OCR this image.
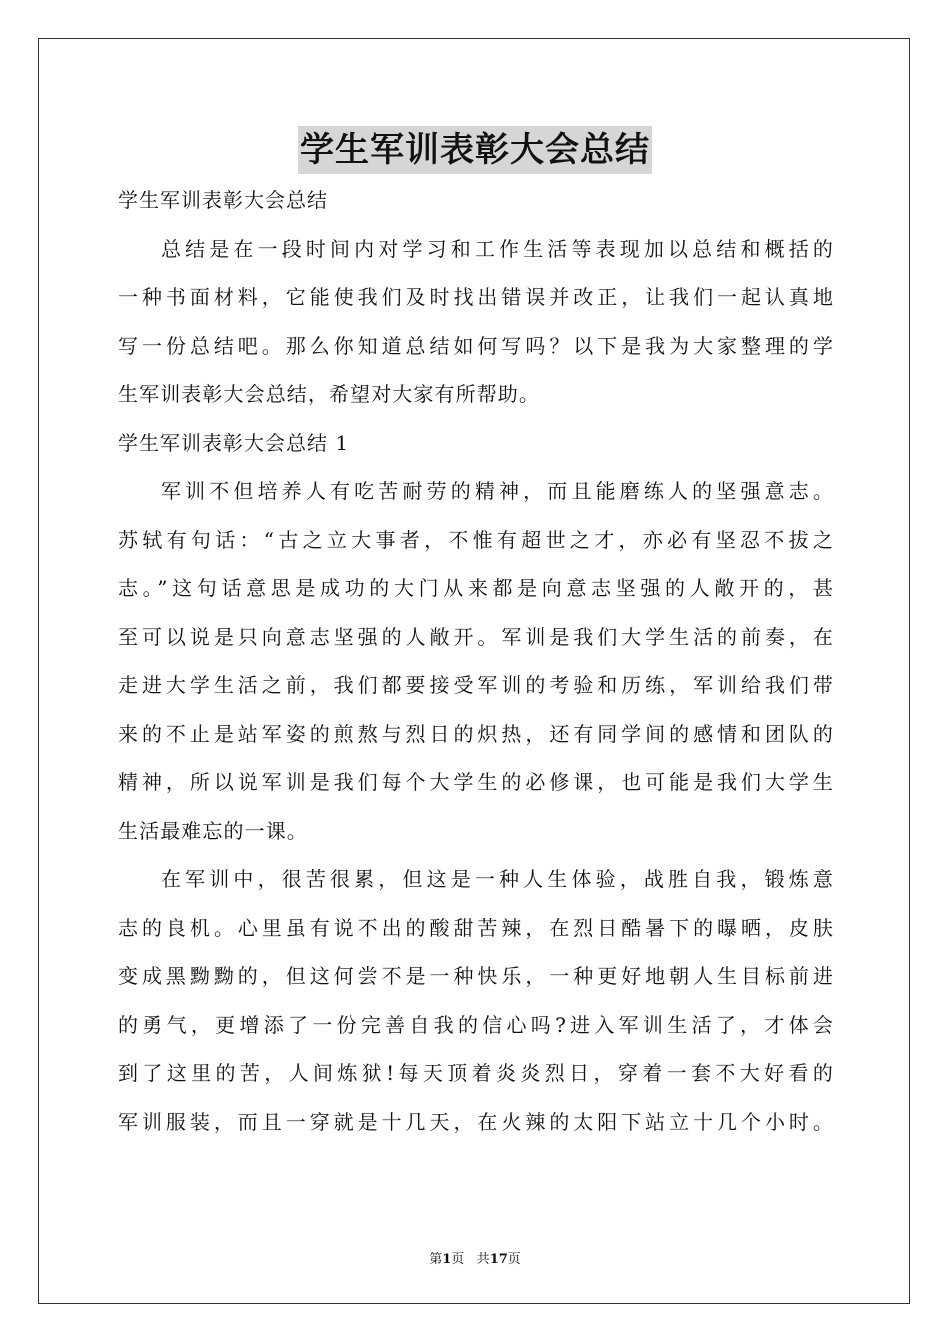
学生军训表彰大会总结
学生军训表彰大会总结
总结是在一段时间内对学习和工作生活等表现加以总结和概括的
一种书面材料，它能使我们及时找出错误并改正，让我们一起认真地
写一份总结吧。那么你知道总结如何写吗？以下是我为大家整理的学
生军训表彰大会总结，希望对大家有所帮助。
学生军训表彰大会总结 1
军训不但培养人有吃苦耐劳的精神，而且能磨练人的坚强意志。
苏轼有句话：“古之立大事者，不惟有超世之才，亦必有坚忍不拔之
志。”这句话意思是成功的大门从来都是向意志坚强的人敞开的，甚
至可以说是只向意志坚强的人敞开。军训是我们大学生活的前奏，在
走进大学生活之前，我们都要接受军训的考验和历练，军训给我们带
来的不止是站军姿的煎熬与烈日的炽热，还有同学间的感情和团队的
精神，所以说军训是我们每个大学生的必修课，也可能是我们大学生
生活最难忘的一课。
在军训中，很苦很累，但这是一种人生体验，战胜自我，锻炼意
志的良机。心里虽有说不出的酸甜苦辣，在烈日酷暑下的曝晒，皮肤
变成黑黝黝的，但这何尝不是一种快乐，一种更好地朝人生目标前进
的勇气，更增添了一份完善自我的信心吗?进入军训生活了，才体会
到了这里的苦，人间炼狱!每天顶着炎炎烈日，穿着一套不大好看的
军训服装，而且一穿就是十几天，在火辣的太阳下站立十几个小时。
第1页 共17页
